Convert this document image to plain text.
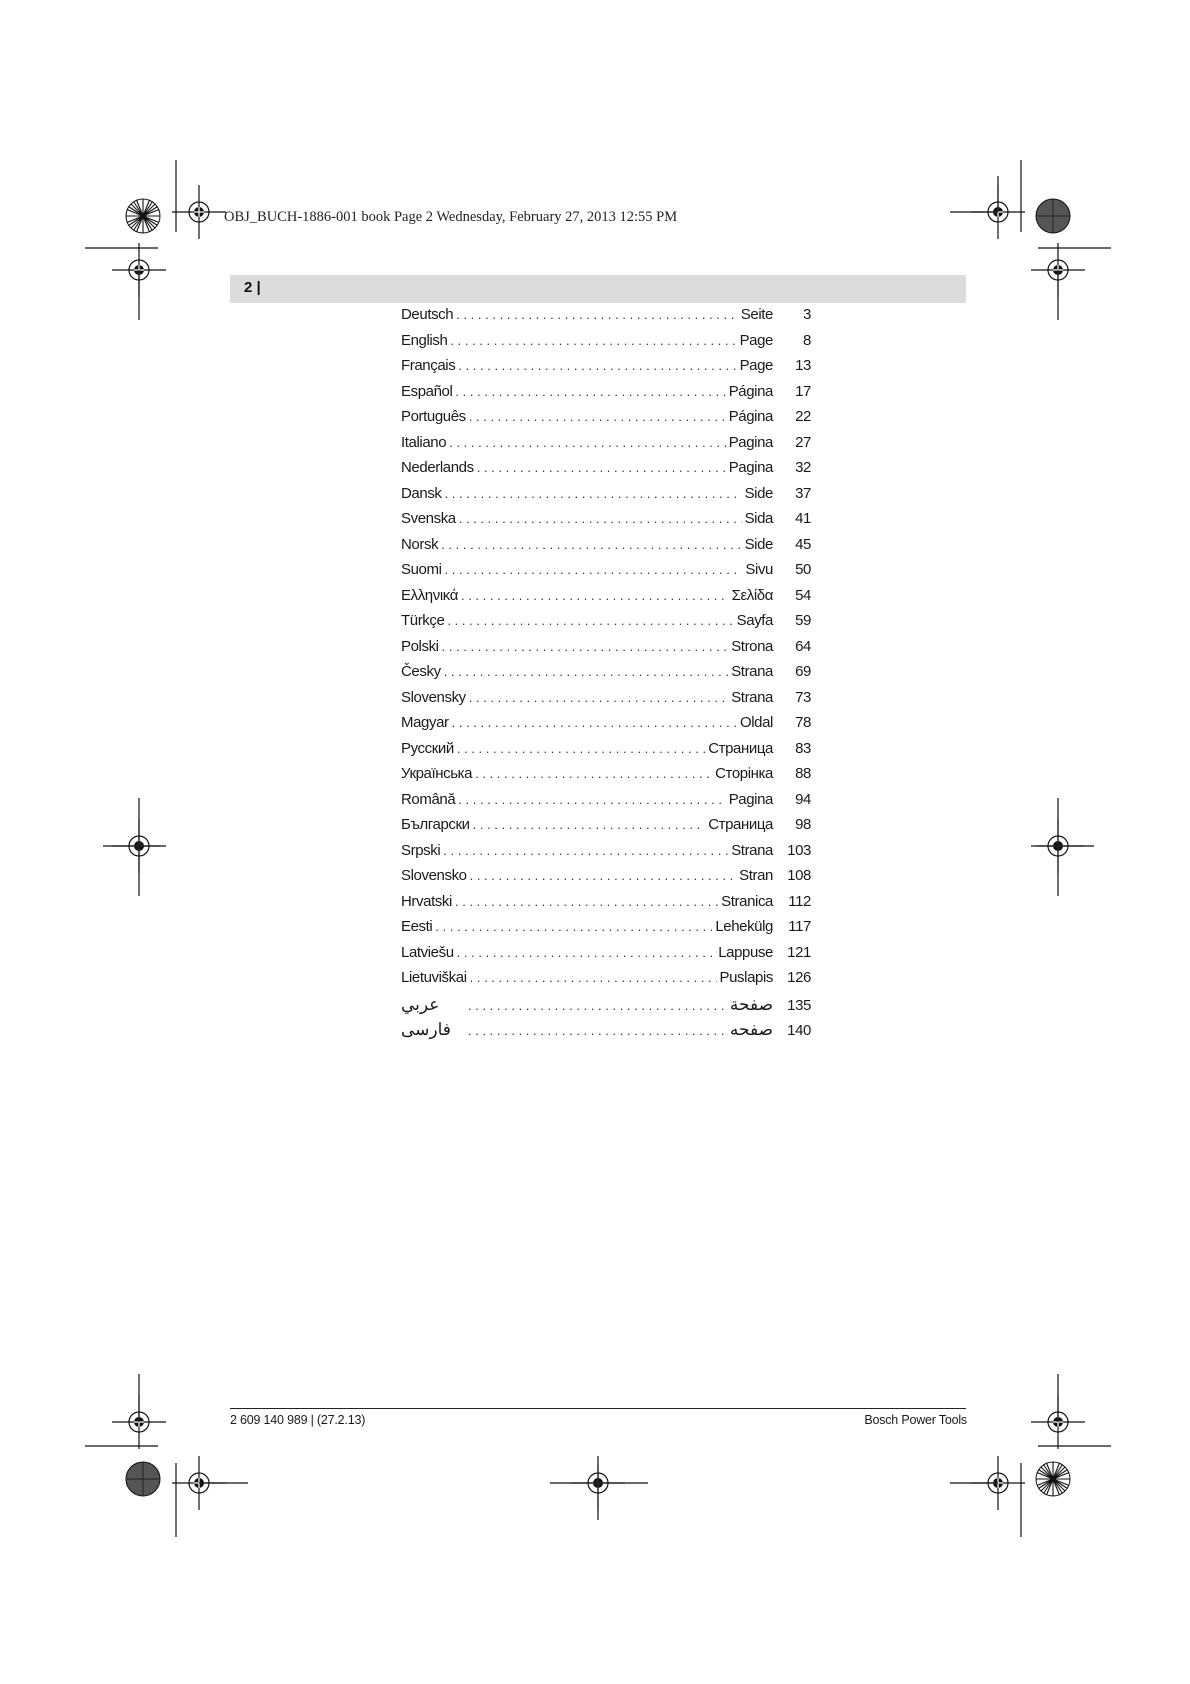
OBJ_BUCH-1886-001 book Page 2 Wednesday, February 27, 2013 12:55 PM
2 |
Deutsch . . .	Seite	3
English . . .	Page	8
Français . . .	Page	13
Español . . .	Página	17
Português . . .	Página	22
Italiano . . .	Pagina	27
Nederlands . . .	Pagina	32
Dansk . . .	Side	37
Svenska . . .	Sida	41
Norsk . . .	Side	45
Suomi . . .	Sivu	50
Ελληνικά . . .	Σελίδα	54
Türkçe . . .	Sayfa	59
Polski . . .	Strona	64
Česky . . .	Strana	69
Slovensky . . .	Strana	73
Magyar . . .	Oldal	78
Русский . . .	Страница	83
Українська . . .	Сторінка	88
Română . . .	Pagina	94
Български . . .	Страница	98
Srpski . . .	Strana 103
Slovensko . . .	Stran 108
Hrvatski . . .	Stranica	112
Eesti . . .	Lehekülg	117
Latviešu . . .	Lappuse 121
Lietuviškai . . .	Puslapis 126
عربي . . .	صفحة 135
فارسی . . .	صفحه 140
2 609 140 989 | (27.2.13)	Bosch Power Tools
